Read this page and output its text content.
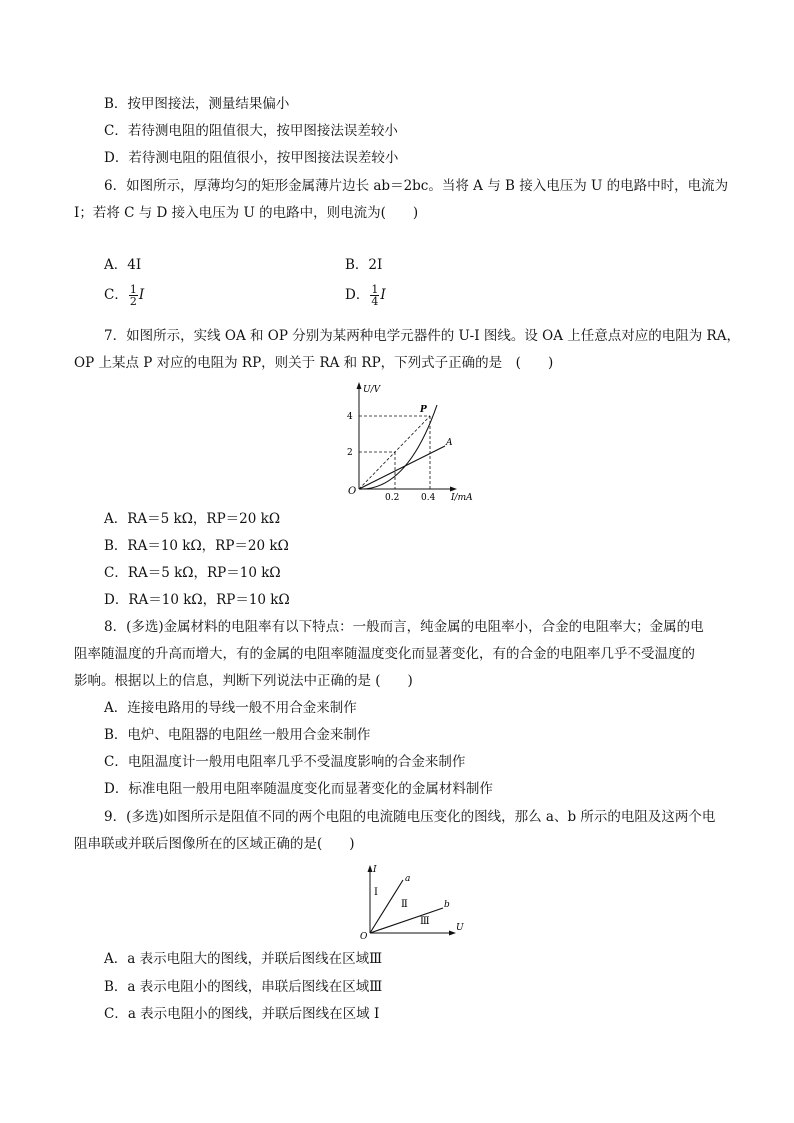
B．按甲图接法，测量结果偏小
C．若待测电阻的阻值很大，按甲图接法误差较小
D．若待测电阻的阻值很小，按甲图接法误差较小
6．如图所示，厚薄均匀的矩形金属薄片边长 ab＝2bc。当将 A 与 B 接入电压为 U 的电路中时，电流为
I；若将 C 与 D 接入电压为 U 的电路中，则电流为(　　)
A．4I	B．2I
C． $\frac{1}{2}$ I	D． $\frac{1}{4}$ I
7．如图所示，实线 OA 和 OP 分别为某两种电学元器件的 U-I 图线。设 OA 上任意点对应的电阻为 RA，
OP 上某点 P 对应的电阻为 RP，则关于 RA 和 RP，下列式子正确的是　(　　)
U/V
I/mA
O
2
4
0.2 0.4
P
A
A．RA＝5 kΩ，RP＝20 kΩ
B．RA＝10 kΩ，RP＝20 kΩ
C．RA＝5 kΩ，RP＝10 kΩ
D．RA＝10 kΩ，RP＝10 kΩ
8．(多选)金属材料的电阻率有以下特点：一般而言，纯金属的电阻率小，合金的电阻率大；金属的电
阻率随温度的升高而增大，有的金属的电阻率随温度变化而显著变化，有的合金的电阻率几乎不受温度的
影响。根据以上的信息，判断下列说法中正确的是 (　　)
A．连接电路用的导线一般不用合金来制作
B．电炉、电阻器的电阻丝一般用合金来制作
C．电阻温度计一般用电阻率几乎不受温度影响的合金来制作
D．标准电阻一般用电阻率随温度变化而显著变化的金属材料制作
9．(多选)如图所示是阻值不同的两个电阻的电流随电压变化的图线，那么 a、b 所示的电阻及这两个电
阻串联或并联后图像所在的区域正确的是(　　)
I
U
O
a
b
Ⅰ
Ⅱ
Ⅲ
A．a 表示电阻大的图线，并联后图线在区域Ⅲ
B．a 表示电阻小的图线，串联后图线在区域Ⅲ
C．a 表示电阻小的图线，并联后图线在区域 I
